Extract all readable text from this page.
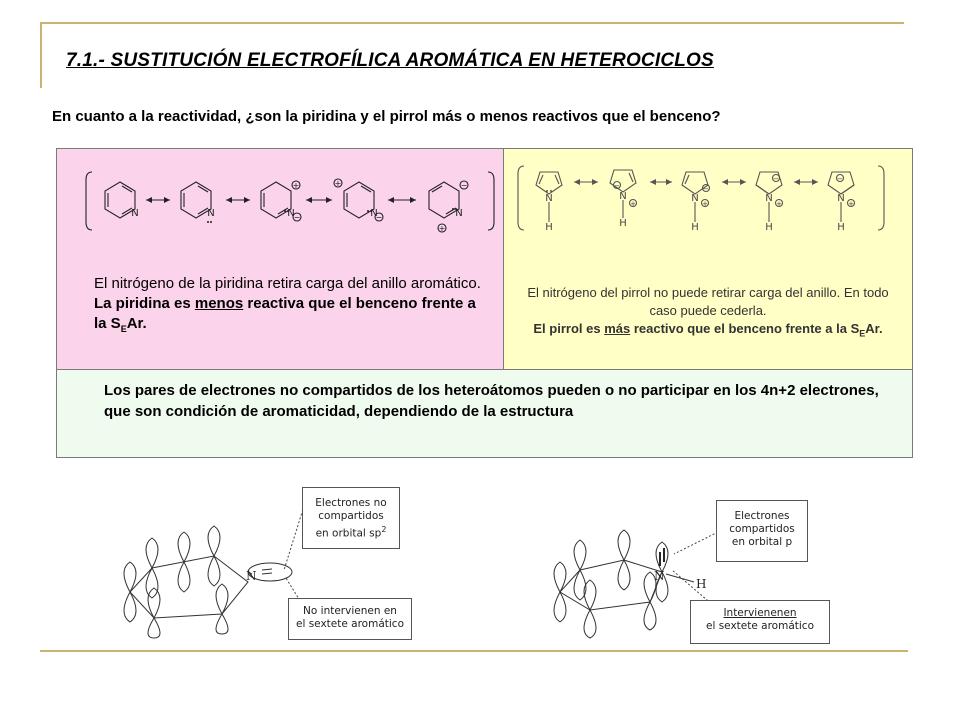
7.1.- SUSTITUCIÓN ELECTROFÍLICA AROMÁTICA EN HETEROCICLOS
En cuanto a la reactividad, ¿son la piridina y el pirrol más o menos reactivos que el benceno?
N	N	N	N	N
+
−
+
−
−
+
N	N	N	N	N
H	H	H	H	H
−
+
−
+
−
+
−
+
El nitrógeno de la piridina retira carga del anillo aromático. La piridina es menos reactiva que el benceno frente a la $S_EAr$.
El nitrógeno del pirrol no puede retirar carga del anillo. En todo caso puede cederla.
El pirrol es más reactivo que el benceno frente a la $S_EAr$.
Los pares de electrones no compartidos de los heteroátomos pueden o no participar en los 4n+2 electrones, que son condición de aromaticidad, dependiendo de la estructura
N
Electrones no
compartidos
en orbital $sp^2$
No intervienen en
el sextete aromático
N
H
Electrones
compartidos
en orbital p
Intervienenen
el sextete aromático
